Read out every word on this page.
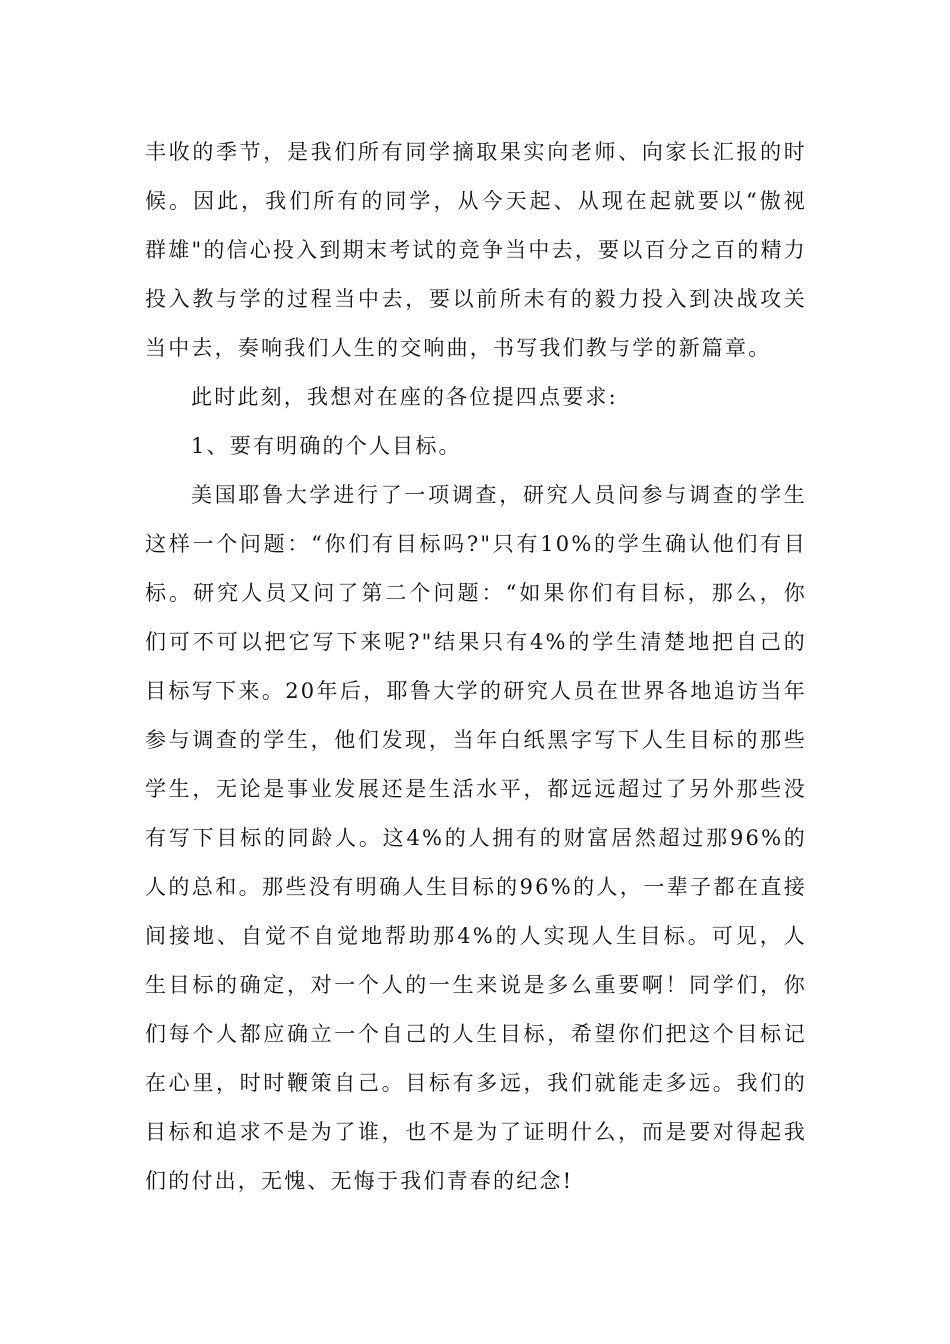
丰收的季节，是我们所有同学摘取果实向老师、向家长汇报的时候。因此，我们所有的同学，从今天起、从现在起就要以“傲视群雄"的信心投入到期末考试的竞争当中去，要以百分之百的精力投入教与学的过程当中去，要以前所未有的毅力投入到决战攻关当中去，奏响我们人生的交响曲，书写我们教与学的新篇章。

此时此刻，我想对在座的各位提四点要求:

1、要有明确的个人目标。

美国耶鲁大学进行了一项调查，研究人员问参与调查的学生这样一个问题：“你们有目标吗?"只有10%的学生确认他们有目标。研究人员又问了第二个问题：“如果你们有目标，那么，你们可不可以把它写下来呢?"结果只有4%的学生清楚地把自己的目标写下来。20年后，耶鲁大学的研究人员在世界各地追访当年参与调查的学生，他们发现，当年白纸黑字写下人生目标的那些学生，无论是事业发展还是生活水平，都远远超过了另外那些没有写下目标的同龄人。这4%的人拥有的财富居然超过那96%的人的总和。那些没有明确人生目标的96%的人，一辈子都在直接间接地、自觉不自觉地帮助那4%的人实现人生目标。可见，人生目标的确定，对一个人的一生来说是多么重要啊！同学们，你们每个人都应确立一个自己的人生目标，希望你们把这个目标记在心里，时时鞭策自己。目标有多远，我们就能走多远。我们的目标和追求不是为了谁，也不是为了证明什么，而是要对得起我们的付出，无愧、无悔于我们青春的纪念!
